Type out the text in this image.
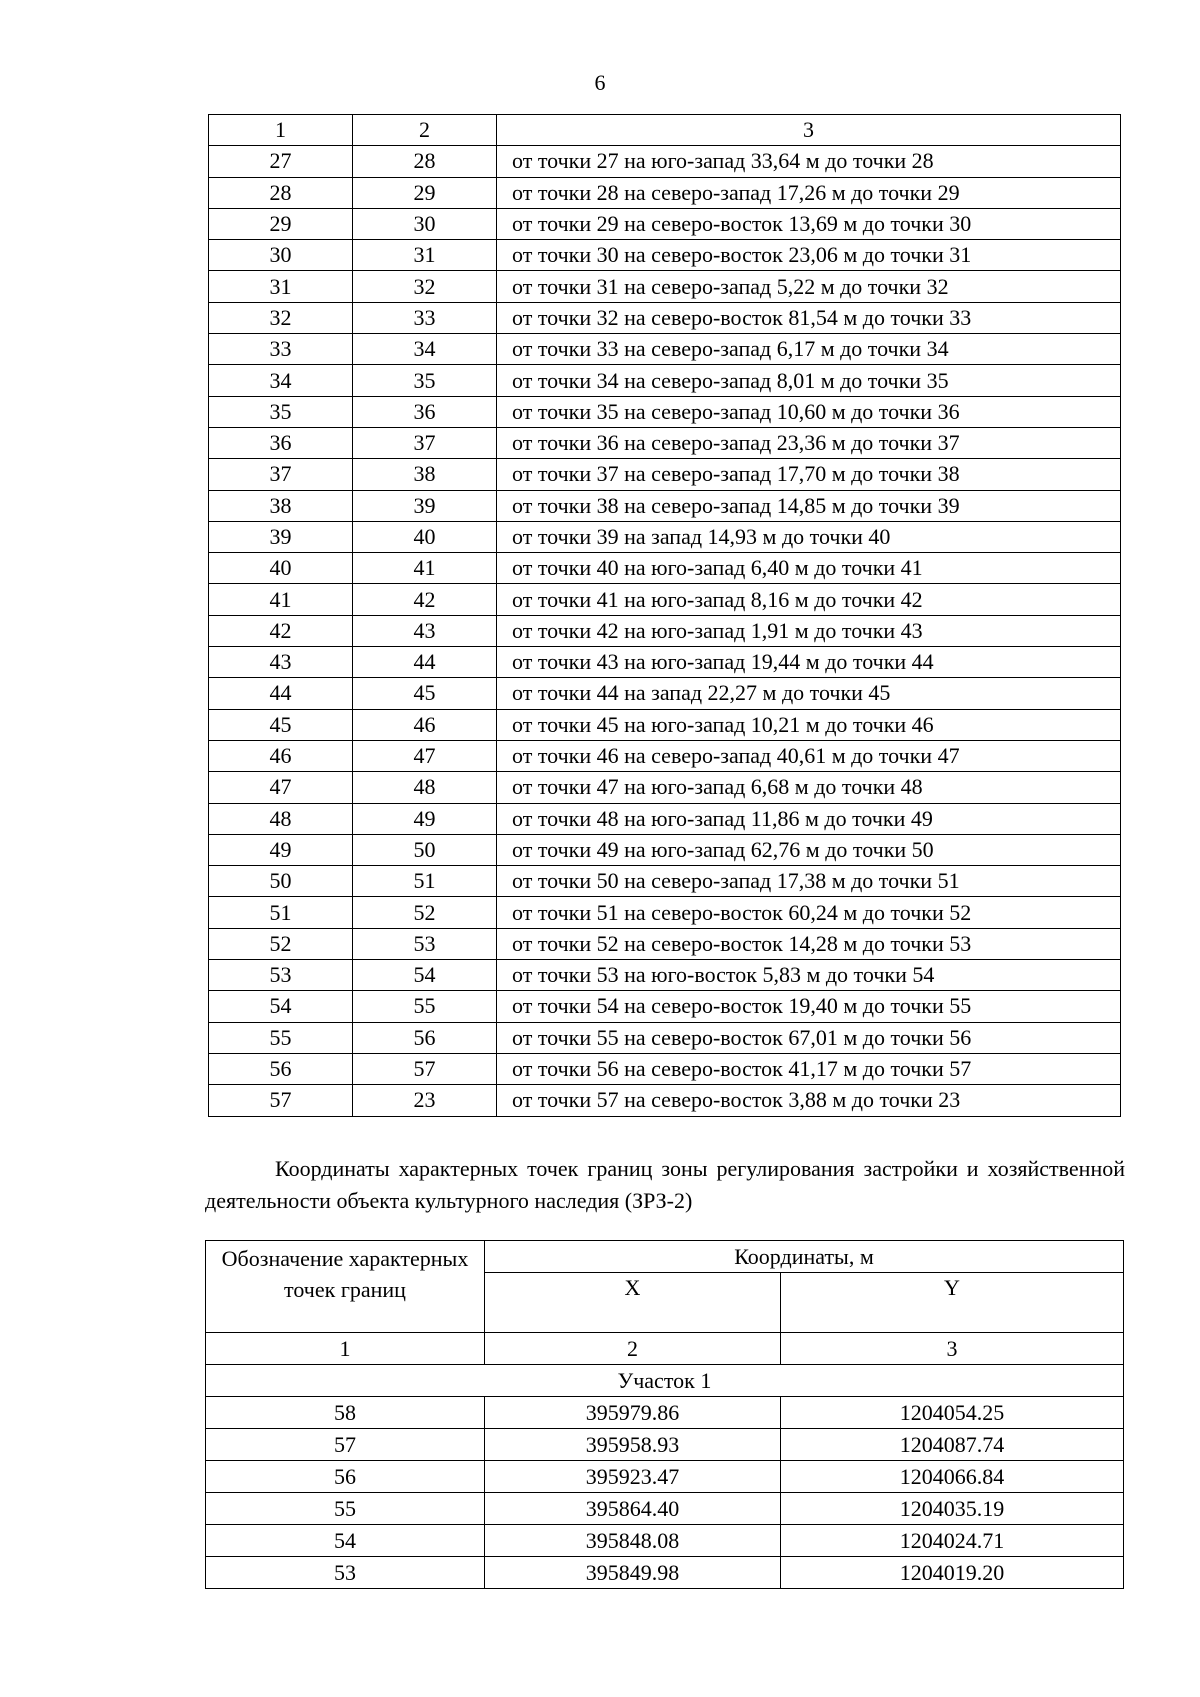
6
1	2	3
27	28	от точки 27 на юго-запад 33,64 м до точки 28
28	29	от точки 28 на северо-запад 17,26 м до точки 29
29	30	от точки 29 на северо-восток 13,69 м до точки 30
30	31	от точки 30 на северо-восток 23,06 м до точки 31
31	32	от точки 31 на северо-запад 5,22 м до точки 32
32	33	от точки 32 на северо-восток 81,54 м до точки 33
33	34	от точки 33 на северо-запад 6,17 м до точки 34
34	35	от точки 34 на северо-запад 8,01 м до точки 35
35	36	от точки 35 на северо-запад 10,60 м до точки 36
36	37	от точки 36 на северо-запад 23,36 м до точки 37
37	38	от точки 37 на северо-запад 17,70 м до точки 38
38	39	от точки 38 на северо-запад 14,85 м до точки 39
39	40	от точки 39 на запад 14,93 м до точки 40
40	41	от точки 40 на юго-запад 6,40 м до точки 41
41	42	от точки 41 на юго-запад 8,16 м до точки 42
42	43	от точки 42 на юго-запад 1,91 м до точки 43
43	44	от точки 43 на юго-запад 19,44 м до точки 44
44	45	от точки 44 на запад 22,27 м до точки 45
45	46	от точки 45 на юго-запад 10,21 м до точки 46
46	47	от точки 46 на северо-запад 40,61 м до точки 47
47	48	от точки 47 на юго-запад 6,68 м до точки 48
48	49	от точки 48 на юго-запад 11,86 м до точки 49
49	50	от точки 49 на юго-запад 62,76 м до точки 50
50	51	от точки 50 на северо-запад 17,38 м до точки 51
51	52	от точки 51 на северо-восток 60,24 м до точки 52
52	53	от точки 52 на северо-восток 14,28 м до точки 53
53	54	от точки 53 на юго-восток 5,83 м до точки 54
54	55	от точки 54 на северо-восток 19,40 м до точки 55
55	56	от точки 55 на северо-восток 67,01 м до точки 56
56	57	от точки 56 на северо-восток 41,17 м до точки 57
57	23	от точки 57 на северо-восток 3,88 м до точки 23
Координаты характерных точек границ зоны регулирования застройки и хозяйственной деятельности объекта культурного наследия (ЗРЗ-2)
Обозначение характерных точек границ	Координаты, м	
	X	Y
1	2	3
Участок 1		
58	395979.86	1204054.25
57	395958.93	1204087.74
56	395923.47	1204066.84
55	395864.40	1204035.19
54	395848.08	1204024.71
53	395849.98	1204019.20
